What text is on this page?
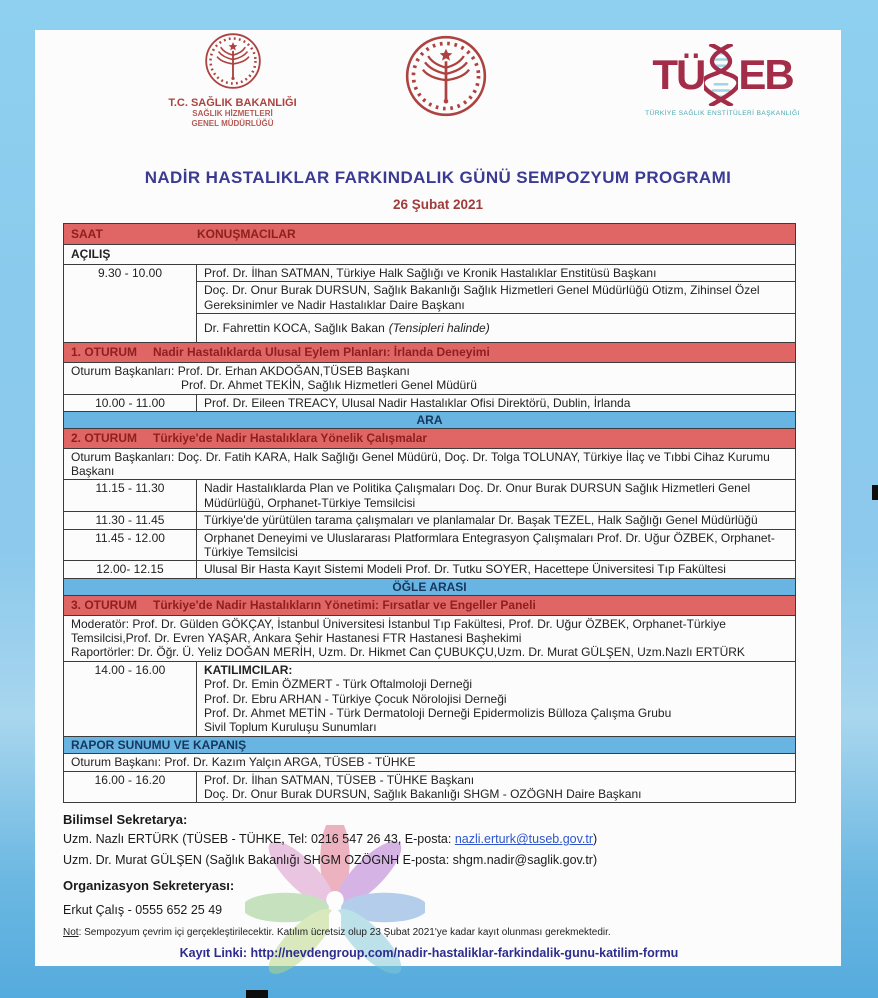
T.C. SAĞLIK BAKANLIĞI
SAĞLIK HİZMETLERİ
GENEL MÜDÜRLÜĞÜ
TÜ EB
TÜRKİYE SAĞLIK ENSTİTÜLERİ BAŞKANLIĞI
NADİR HASTALIKLAR FARKINDALIK GÜNÜ SEMPOZYUM PROGRAMI
26 Şubat 2021
SAAT KONUŞMACILAR	
AÇILIŞ	
9.30 - 10.00	Prof. Dr. İlhan SATMAN, Türkiye Halk Sağlığı ve Kronik Hastalıklar Enstitüsü Başkanı
	Doç. Dr. Onur Burak DURSUN, Sağlık Bakanlığı Sağlık Hizmetleri Genel Müdürlüğü Otizm, Zihinsel Özel Gereksinimler ve Nadir Hastalıklar Daire Başkanı
	Dr. Fahrettin KOCA, Sağlık Bakan (Tensipleri halinde)
1. OTURUM Nadir Hastalıklarda Ulusal Eylem Planları: İrlanda Deneyimi	

Oturum Başkanları: Prof. Dr. Erhan AKDOĞAN,TÜSEB Başkanı
Prof. Dr. Ahmet TEKİN, Sağlık Hizmetleri Genel Müdürü	

10.00 - 11.00	Prof. Dr. Eileen TREACY, Ulusal Nadir Hastalıklar Ofisi Direktörü, Dublin, İrlanda
ARA	
2. OTURUM Türkiye'de Nadir Hastalıklara Yönelik Çalışmalar	
Oturum Başkanları: Doç. Dr. Fatih KARA, Halk Sağlığı Genel Müdürü, Doç. Dr. Tolga TOLUNAY, Türkiye İlaç ve Tıbbi Cihaz Kurumu Başkanı	
11.15 - 11.30	Nadir Hastalıklarda Plan ve Politika Çalışmaları Doç. Dr. Onur Burak DURSUN Sağlık Hizmetleri Genel Müdürlüğü, Orphanet-Türkiye Temsilcisi
11.30 - 11.45	Türkiye'de yürütülen tarama çalışmaları ve planlamalar Dr. Başak TEZEL, Halk Sağlığı Genel Müdürlüğü
11.45 - 12.00	Orphanet Deneyimi ve Uluslararası Platformlara Entegrasyon Çalışmaları Prof. Dr. Uğur ÖZBEK, Orphanet-Türkiye Temsilcisi
12.00- 12.15	Ulusal Bir Hasta Kayıt Sistemi Modeli Prof. Dr. Tutku SOYER, Hacettepe Üniversitesi Tıp Fakültesi
ÖĞLE ARASI	
3. OTURUM Türkiye'de Nadir Hastalıkların Yönetimi: Fırsatlar ve Engeller Paneli	

Moderatör: Prof. Dr. Gülden GÖKÇAY, İstanbul Üniversitesi İstanbul Tıp Fakültesi, Prof. Dr. Uğur ÖZBEK, Orphanet-Türkiye Temsilcisi,Prof. Dr. Evren YAŞAR, Ankara Şehir Hastanesi FTR Hastanesi Başhekimi
Raportörler: Dr. Öğr. Ü. Yeliz DOĞAN MERİH, Uzm. Dr. Hikmet Can ÇUBUKÇU,Uzm. Dr. Murat GÜLŞEN, Uzm.Nazlı ERTÜRK	

14.00 - 16.00	KATILIMCILAR:
Prof. Dr. Emin ÖZMERT - Türk Oftalmoloji Derneği
Prof. Dr. Ebru ARHAN - Türkiye Çocuk Nörolojisi Derneği
Prof. Dr. Ahmet METİN - Türk Dermatoloji Derneği Epidermolizis Bülloza Çalışma Grubu
Sivil Toplum Kuruluşu Sunumları

RAPOR SUNUMU VE KAPANIŞ	
Oturum Başkanı: Prof. Dr. Kazım Yalçın ARGA, TÜSEB - TÜHKE	
16.00 - 16.20	Prof. Dr. İlhan SATMAN, TÜSEB - TÜHKE Başkanı
Doç. Dr. Onur Burak DURSUN, Sağlık Bakanlığı SHGM - OZÖGNH Daire Başkanı
Bilimsel Sekretarya:
Uzm. Nazlı ERTÜRK (TÜSEB - TÜHKE, Tel: 0216 547 26 43, E-posta: nazli.erturk@tuseb.gov.tr)
Uzm. Dr. Murat GÜLŞEN (Sağlık Bakanlığı SHGM OZÖGNH E-posta: shgm.nadir@saglik.gov.tr)
Organizasyon Sekreteryası:
Erkut Çalış - 0555 652 25 49
Not: Sempozyum çevrim içi gerçekleştirilecektir. Katılım ücretsiz olup 23 Şubat 2021'ye kadar kayıt olunması gerekmektedir.
Kayıt Linki: http://nevdengroup.com/nadir-hastaliklar-farkindalik-gunu-katilim-formu
